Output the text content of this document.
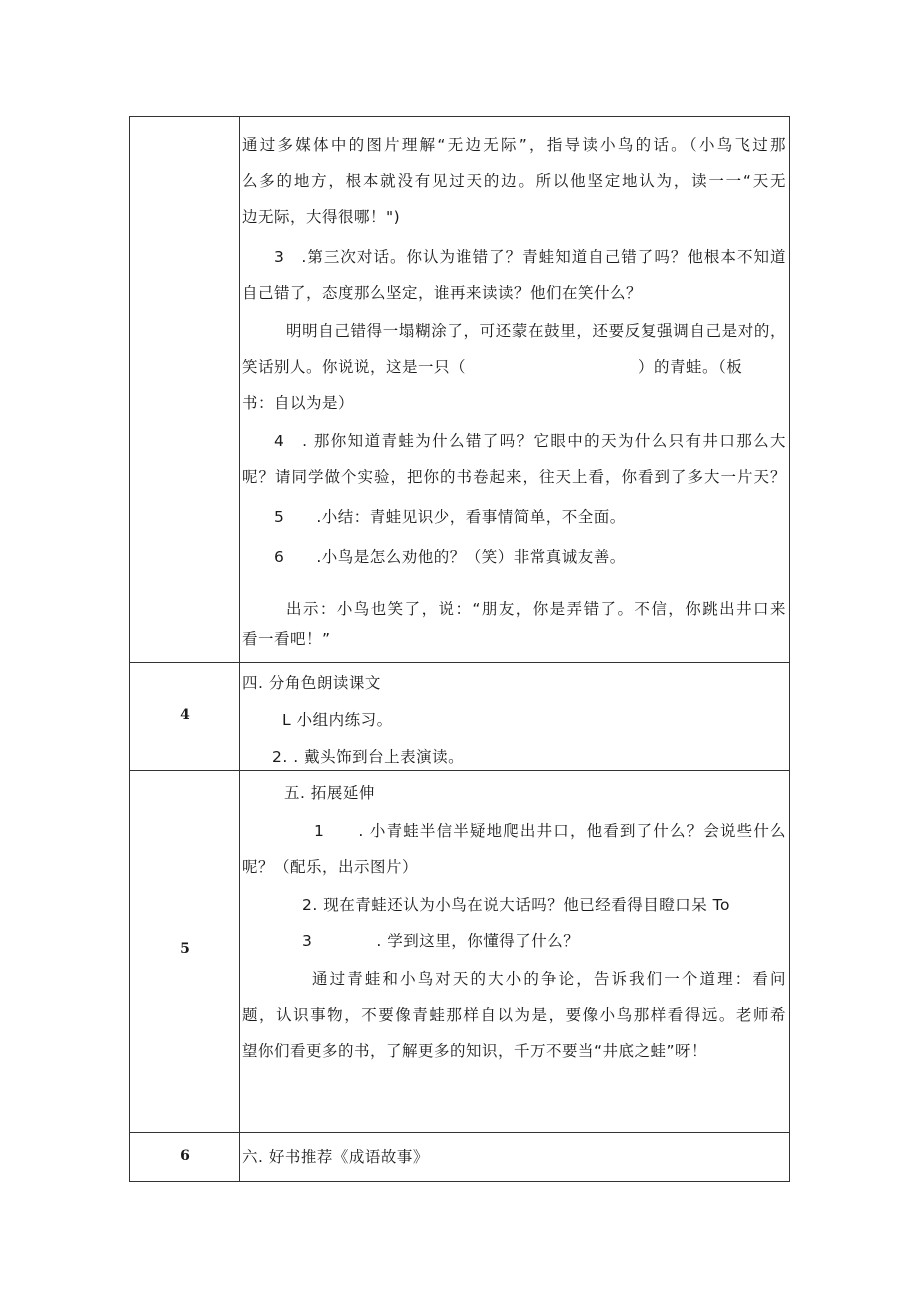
通过多媒体中的图片理解“无边无际”，指导读小鸟的话。（小鸟飞过那
么多的地方，根本就没有见过天的边。所以他坚定地认为，读一一“天无
边无际，大得很哪！")
3　.第三次对话。你认为谁错了？青蛙知道自己错了吗？他根本不知道
自己错了，态度那么坚定，谁再来读读？他们在笑什么？
明明自己错得一塌糊涂了，可还蒙在鼓里，还要反复强调自己是对的，
笑话别人。你说说，这是一只（	）的青蛙。（板
书：自以为是）
4　. 那你知道青蛙为什么错了吗？它眼中的天为什么只有井口那么大
呢？请同学做个实验，把你的书卷起来，往天上看，你看到了多大一片天？
5　　.小结：青蛙见识少，看事情简单，不全面。
6　　.小鸟是怎么劝他的？（笑）非常真诚友善。
出示：小鸟也笑了，说：“朋友，你是弄错了。不信，你跳出井口来
看一看吧！”
4
四. 分角色朗读课文
L 小组内练习。
2. . 戴头饰到台上表演读。
5
五. 拓展延伸
1　　. 小青蛙半信半疑地爬出井口，他看到了什么？会说些什么
呢？（配乐，出示图片）
2. 现在青蛙还认为小鸟在说大话吗？他已经看得目瞪口呆 To
3　　　　. 学到这里，你懂得了什么？
通过青蛙和小鸟对天的大小的争论，告诉我们一个道理：看问
题，认识事物，不要像青蛙那样自以为是，要像小鸟那样看得远。老师希
望你们看更多的书，了解更多的知识，千万不要当“井底之蛙”呀！
6	六. 好书推荐《成语故事》
